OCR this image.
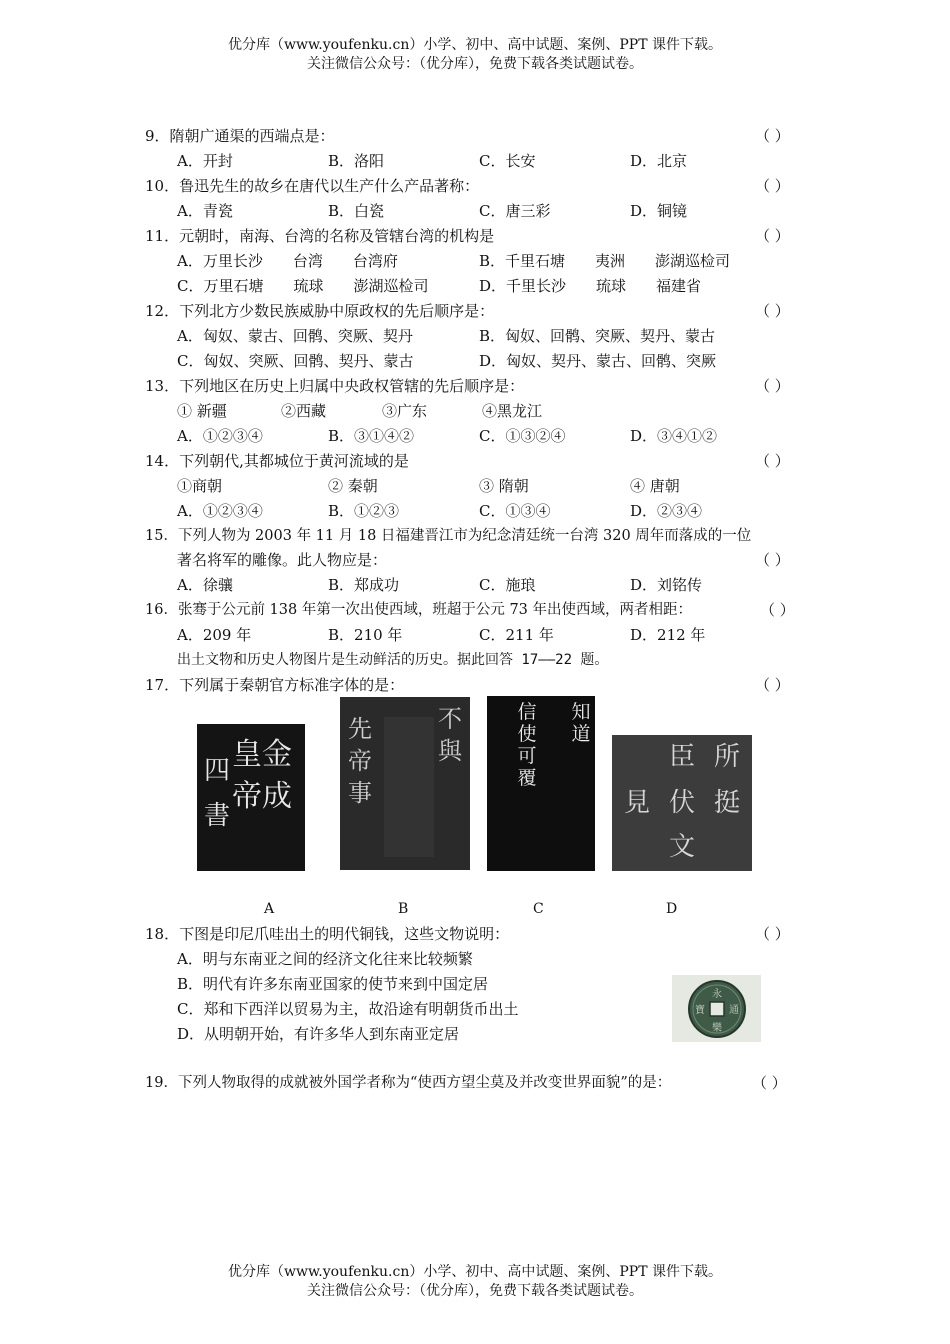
优分库（www.youfenku.cn）小学、初中、高中试题、案例、PPT 课件下载。
关注微信公众号：（优分库），免费下载各类试题试卷。
9．隋朝广通渠的西端点是：	（ ）
A．开封	B．洛阳	C．长安	D．北京
10．鲁迅先生的故乡在唐代以生产什么产品著称：	（ ）
A．青瓷	B．白瓷	C．唐三彩	D．铜镜
11．元朝时，南海、台湾的名称及管辖台湾的机构是	（ ）
A．万里长沙　　台湾　　台湾府	B．千里石塘　　夷洲　　澎湖巡检司
C．万里石塘　　琉球　　澎湖巡检司	D．千里长沙　　琉球　　福建省
12．下列北方少数民族威胁中原政权的先后顺序是：	（ ）
A．匈奴、蒙古、回鹘、突厥、契丹	B．匈奴、回鹘、突厥、契丹、蒙古
C．匈奴、突厥、回鹘、契丹、蒙古	D．匈奴、契丹、蒙古、回鹘、突厥
13．下列地区在历史上归属中央政权管辖的先后顺序是：	（ ）
① 新疆	②西藏	③广东	④黑龙江
A．①②③④	B．③①④②	C．①③②④	D．③④①②
14．下列朝代,其都城位于黄河流域的是	（ ）
①商朝	② 秦朝	③ 隋朝	④ 唐朝
A．①②③④	B．①②③	C．①③④	D．②③④
15．下列人物为 2003 年 11 月 18 日福建晋江市为纪念清廷统一台湾 320 周年而落成的一位
著名将军的雕像。此人物应是：	（ ）
A．徐骧	B．郑成功	C．施琅	D．刘铭传
16．张骞于公元前 138 年第一次出使西域，班超于公元 73 年出使西域，两者相距：	（ ）
A．209 年	B．210 年	C．211 年	D．212 年
出土文物和历史人物图片是生动鲜活的历史。据此回答 17——22 题。
17．下列属于秦朝官方标准字体的是：	（ ）
金
成
皇
帝
四
書
不
與
先
帝
事
知
道
信
使
可
覆
所
挺
臣
文
見 伏
A	B	C	D
18．下图是印尼爪哇出土的明代铜钱，这些文物说明：	（ ）
A．明与东南亚之间的经济文化往来比较频繁
B．明代有许多东南亚国家的使节来到中国定居
C．郑和下西洋以贸易为主，故沿途有明朝货币出土
D．从明朝开始，有许多华人到东南亚定居
永
樂
寶 通
19．下列人物取得的成就被外国学者称为“使西方望尘莫及并改变世界面貌”的是：	（ ）
优分库（www.youfenku.cn）小学、初中、高中试题、案例、PPT 课件下载。
关注微信公众号：（优分库），免费下载各类试题试卷。
